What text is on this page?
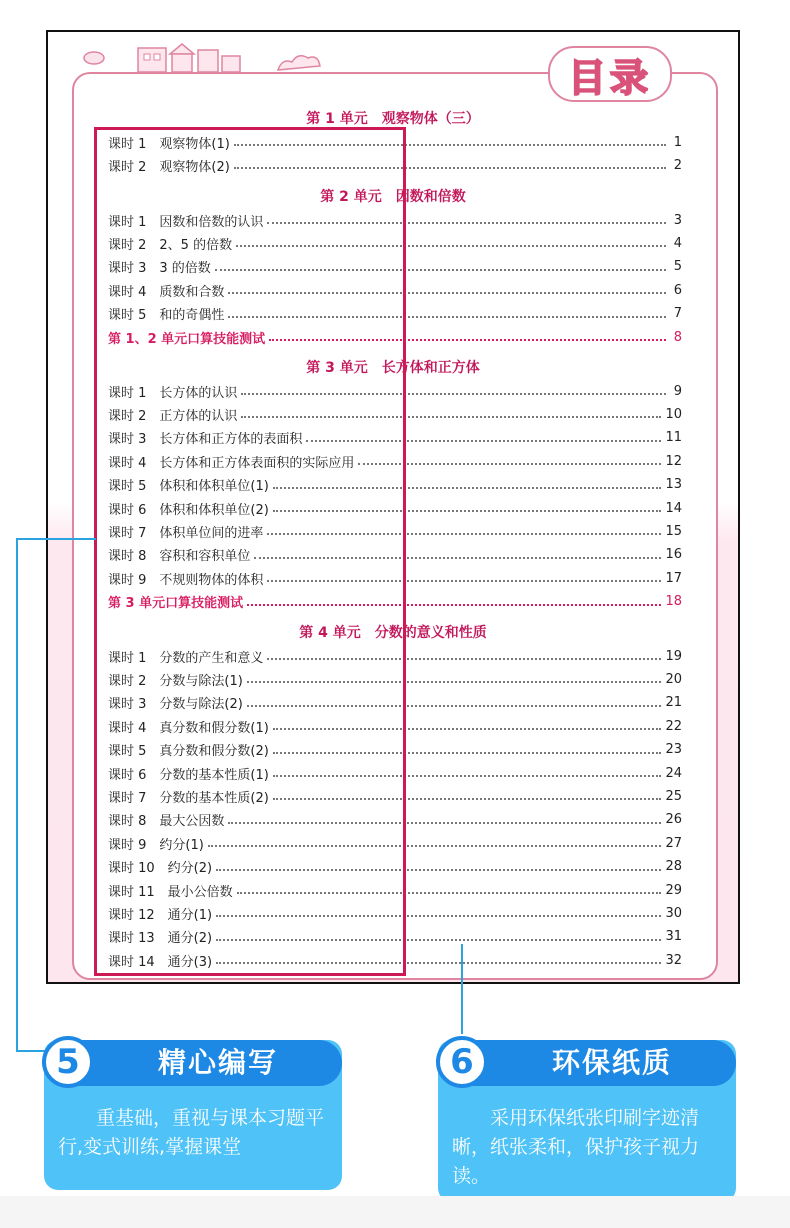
目录
第 1 单元　观察物体（三）
课时 1　观察物体(1)	1
课时 2　观察物体(2)	2
第 2 单元　因数和倍数
课时 1　因数和倍数的认识	3
课时 2　2、5 的倍数	4
课时 3　3 的倍数	5
课时 4　质数和合数	6
课时 5　和的奇偶性	7
第 1、2 单元口算技能测试	8
第 3 单元　长方体和正方体
课时 1　长方体的认识	9
课时 2　正方体的认识	10
课时 3　长方体和正方体的表面积	11
课时 4　长方体和正方体表面积的实际应用	12
课时 5　体积和体积单位(1)	13
课时 6　体积和体积单位(2)	14
课时 7　体积单位间的进率	15
课时 8　容积和容积单位	16
课时 9　不规则物体的体积	17
第 3 单元口算技能测试	18
第 4 单元　分数的意义和性质
课时 1　分数的产生和意义	19
课时 2　分数与除法(1)	20
课时 3　分数与除法(2)	21
课时 4　真分数和假分数(1)	22
课时 5　真分数和假分数(2)	23
课时 6　分数的基本性质(1)	24
课时 7　分数的基本性质(2)	25
课时 8　最大公因数	26
课时 9　约分(1)	27
课时 10　约分(2)	28
课时 11　最小公倍数	29
课时 12　通分(1)	30
课时 13　通分(2)	31
课时 14　通分(3)	32
5	精心编写
重基础，重视与课本习题平行,变式训练,掌握课堂
6	环保纸质
采用环保纸张印刷字迹清晰，纸张柔和，保护孩子视力读。
